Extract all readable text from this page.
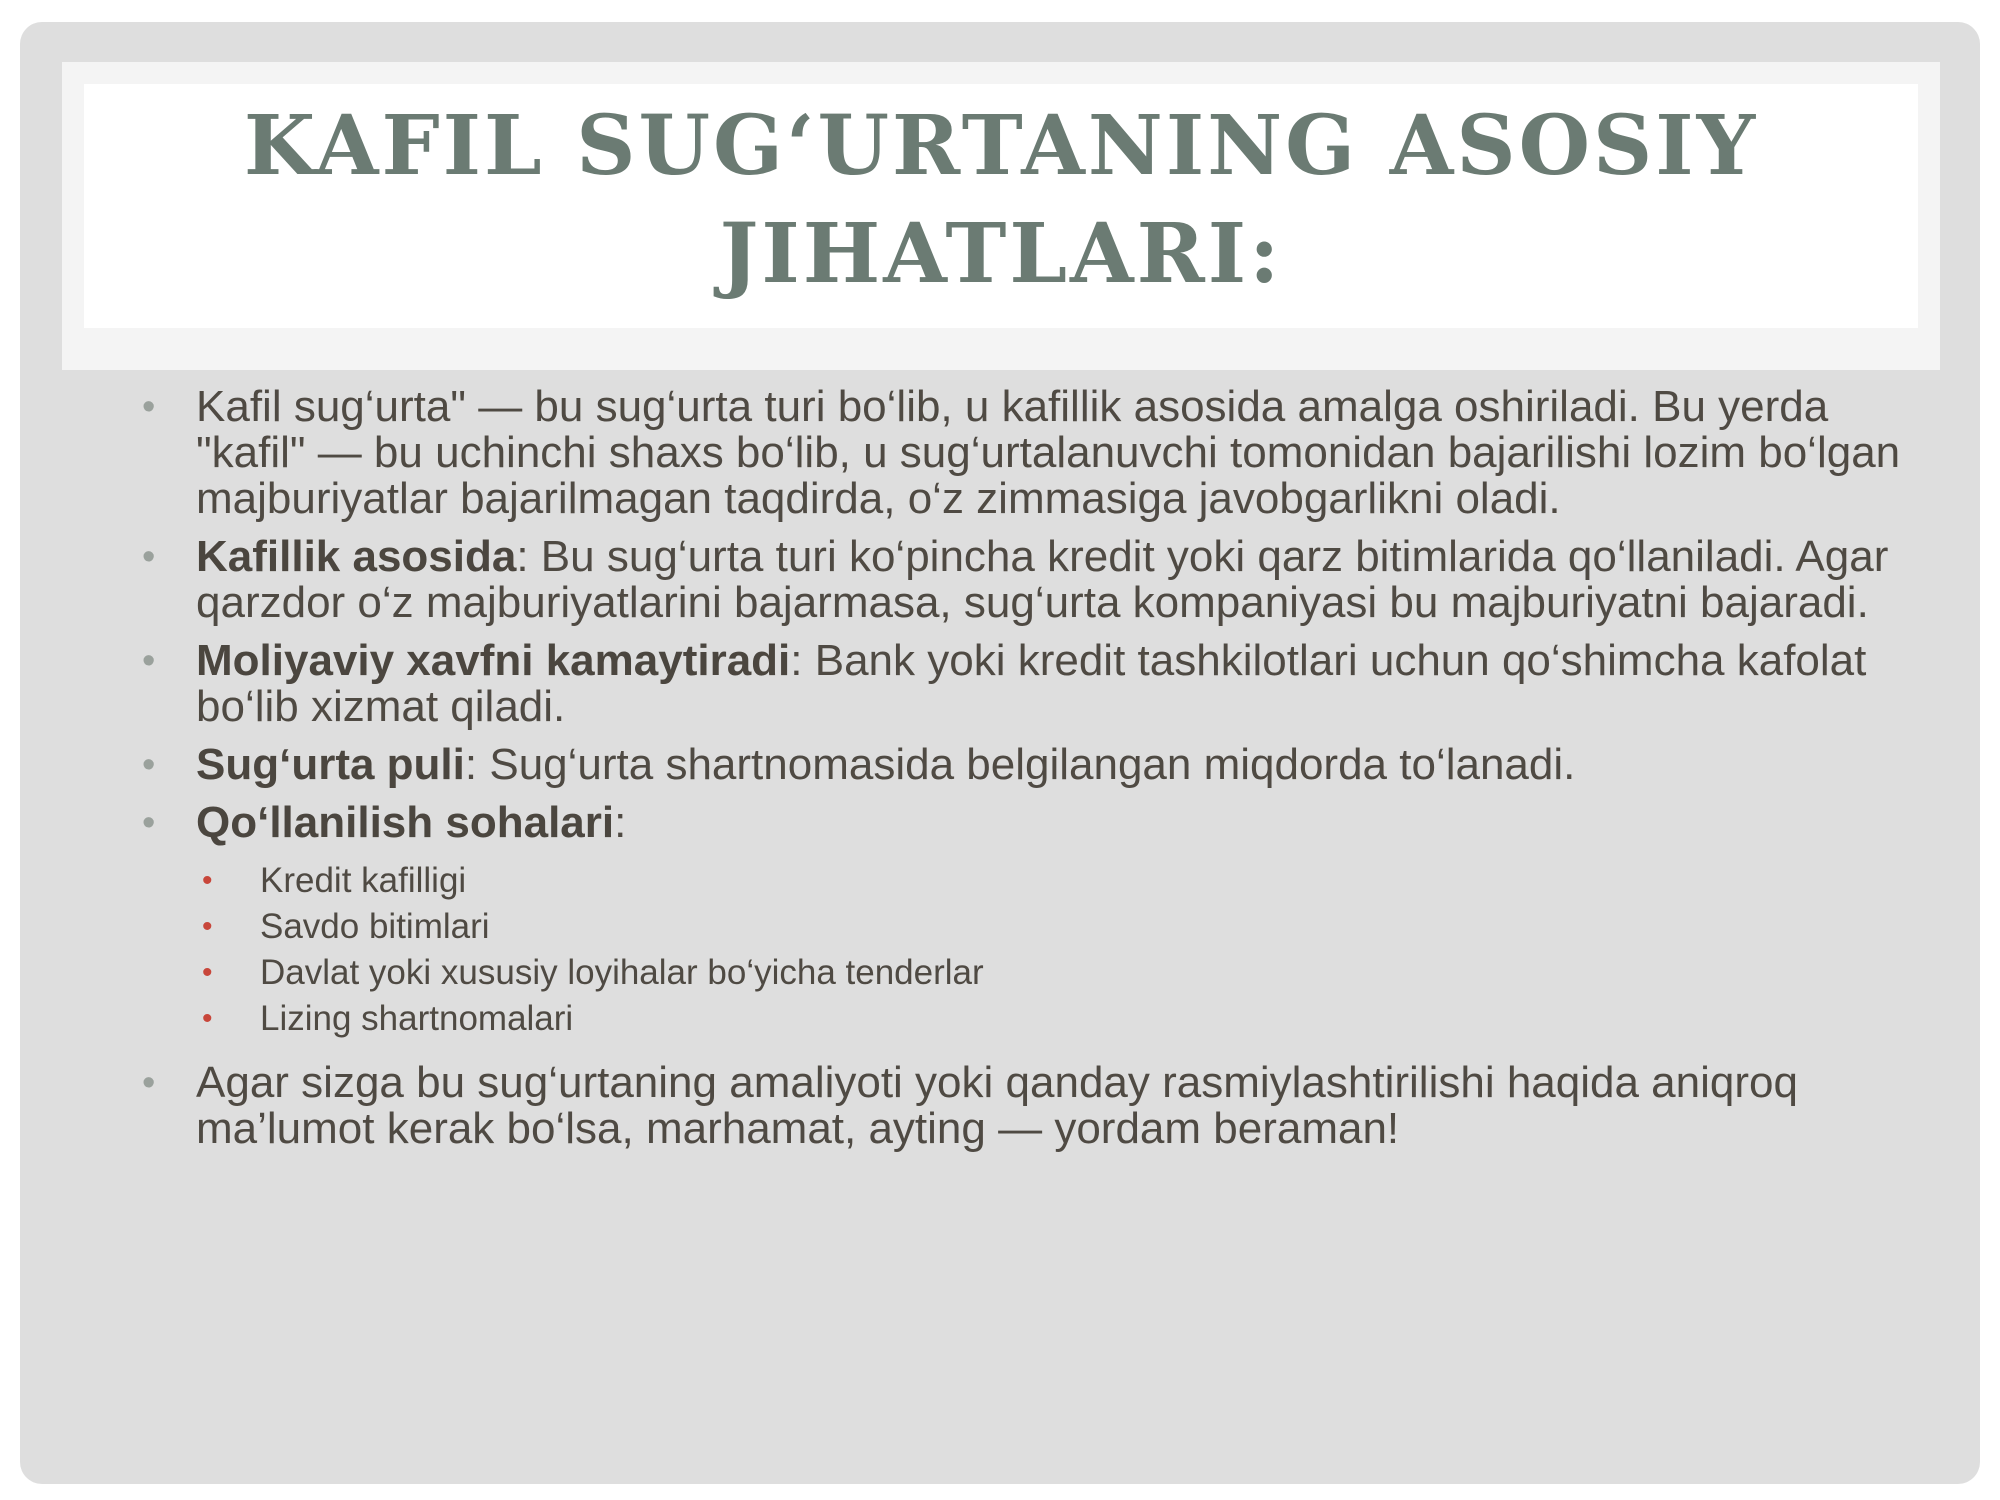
KAFIL SUG‘URTANING ASOSIY
JIHATLARI:
• Kafil sug‘urta" — bu sug‘urta turi bo‘lib, u kafillik asosida amalga oshiriladi. Bu yerda "kafil" — bu uchinchi shaxs bo‘lib, u sug‘urtalanuvchi tomonidan bajarilishi lozim bo‘lgan majburiyatlar bajarilmagan taqdirda, o‘z zimmasiga javobgarlikni oladi.
• Kafillik asosida: Bu sug‘urta turi ko‘pincha kredit yoki qarz bitimlarida qo‘llaniladi. Agar qarzdor o‘z majburiyatlarini bajarmasa, sug‘urta kompaniyasi bu majburiyatni bajaradi.
• Moliyaviy xavfni kamaytiradi: Bank yoki kredit tashkilotlari uchun qo‘shimcha kafolat bo‘lib xizmat qiladi.
• Sug‘urta puli: Sug‘urta shartnomasida belgilangan miqdorda to‘lanadi.
• Qo‘llanilish sohalari:
• Kredit kafilligi
• Savdo bitimlari
• Davlat yoki xususiy loyihalar bo‘yicha tenderlar
• Lizing shartnomalari
• Agar sizga bu sug‘urtaning amaliyoti yoki qanday rasmiylashtirilishi haqida aniqroq ma’lumot kerak bo‘lsa, marhamat, ayting — yordam beraman!
